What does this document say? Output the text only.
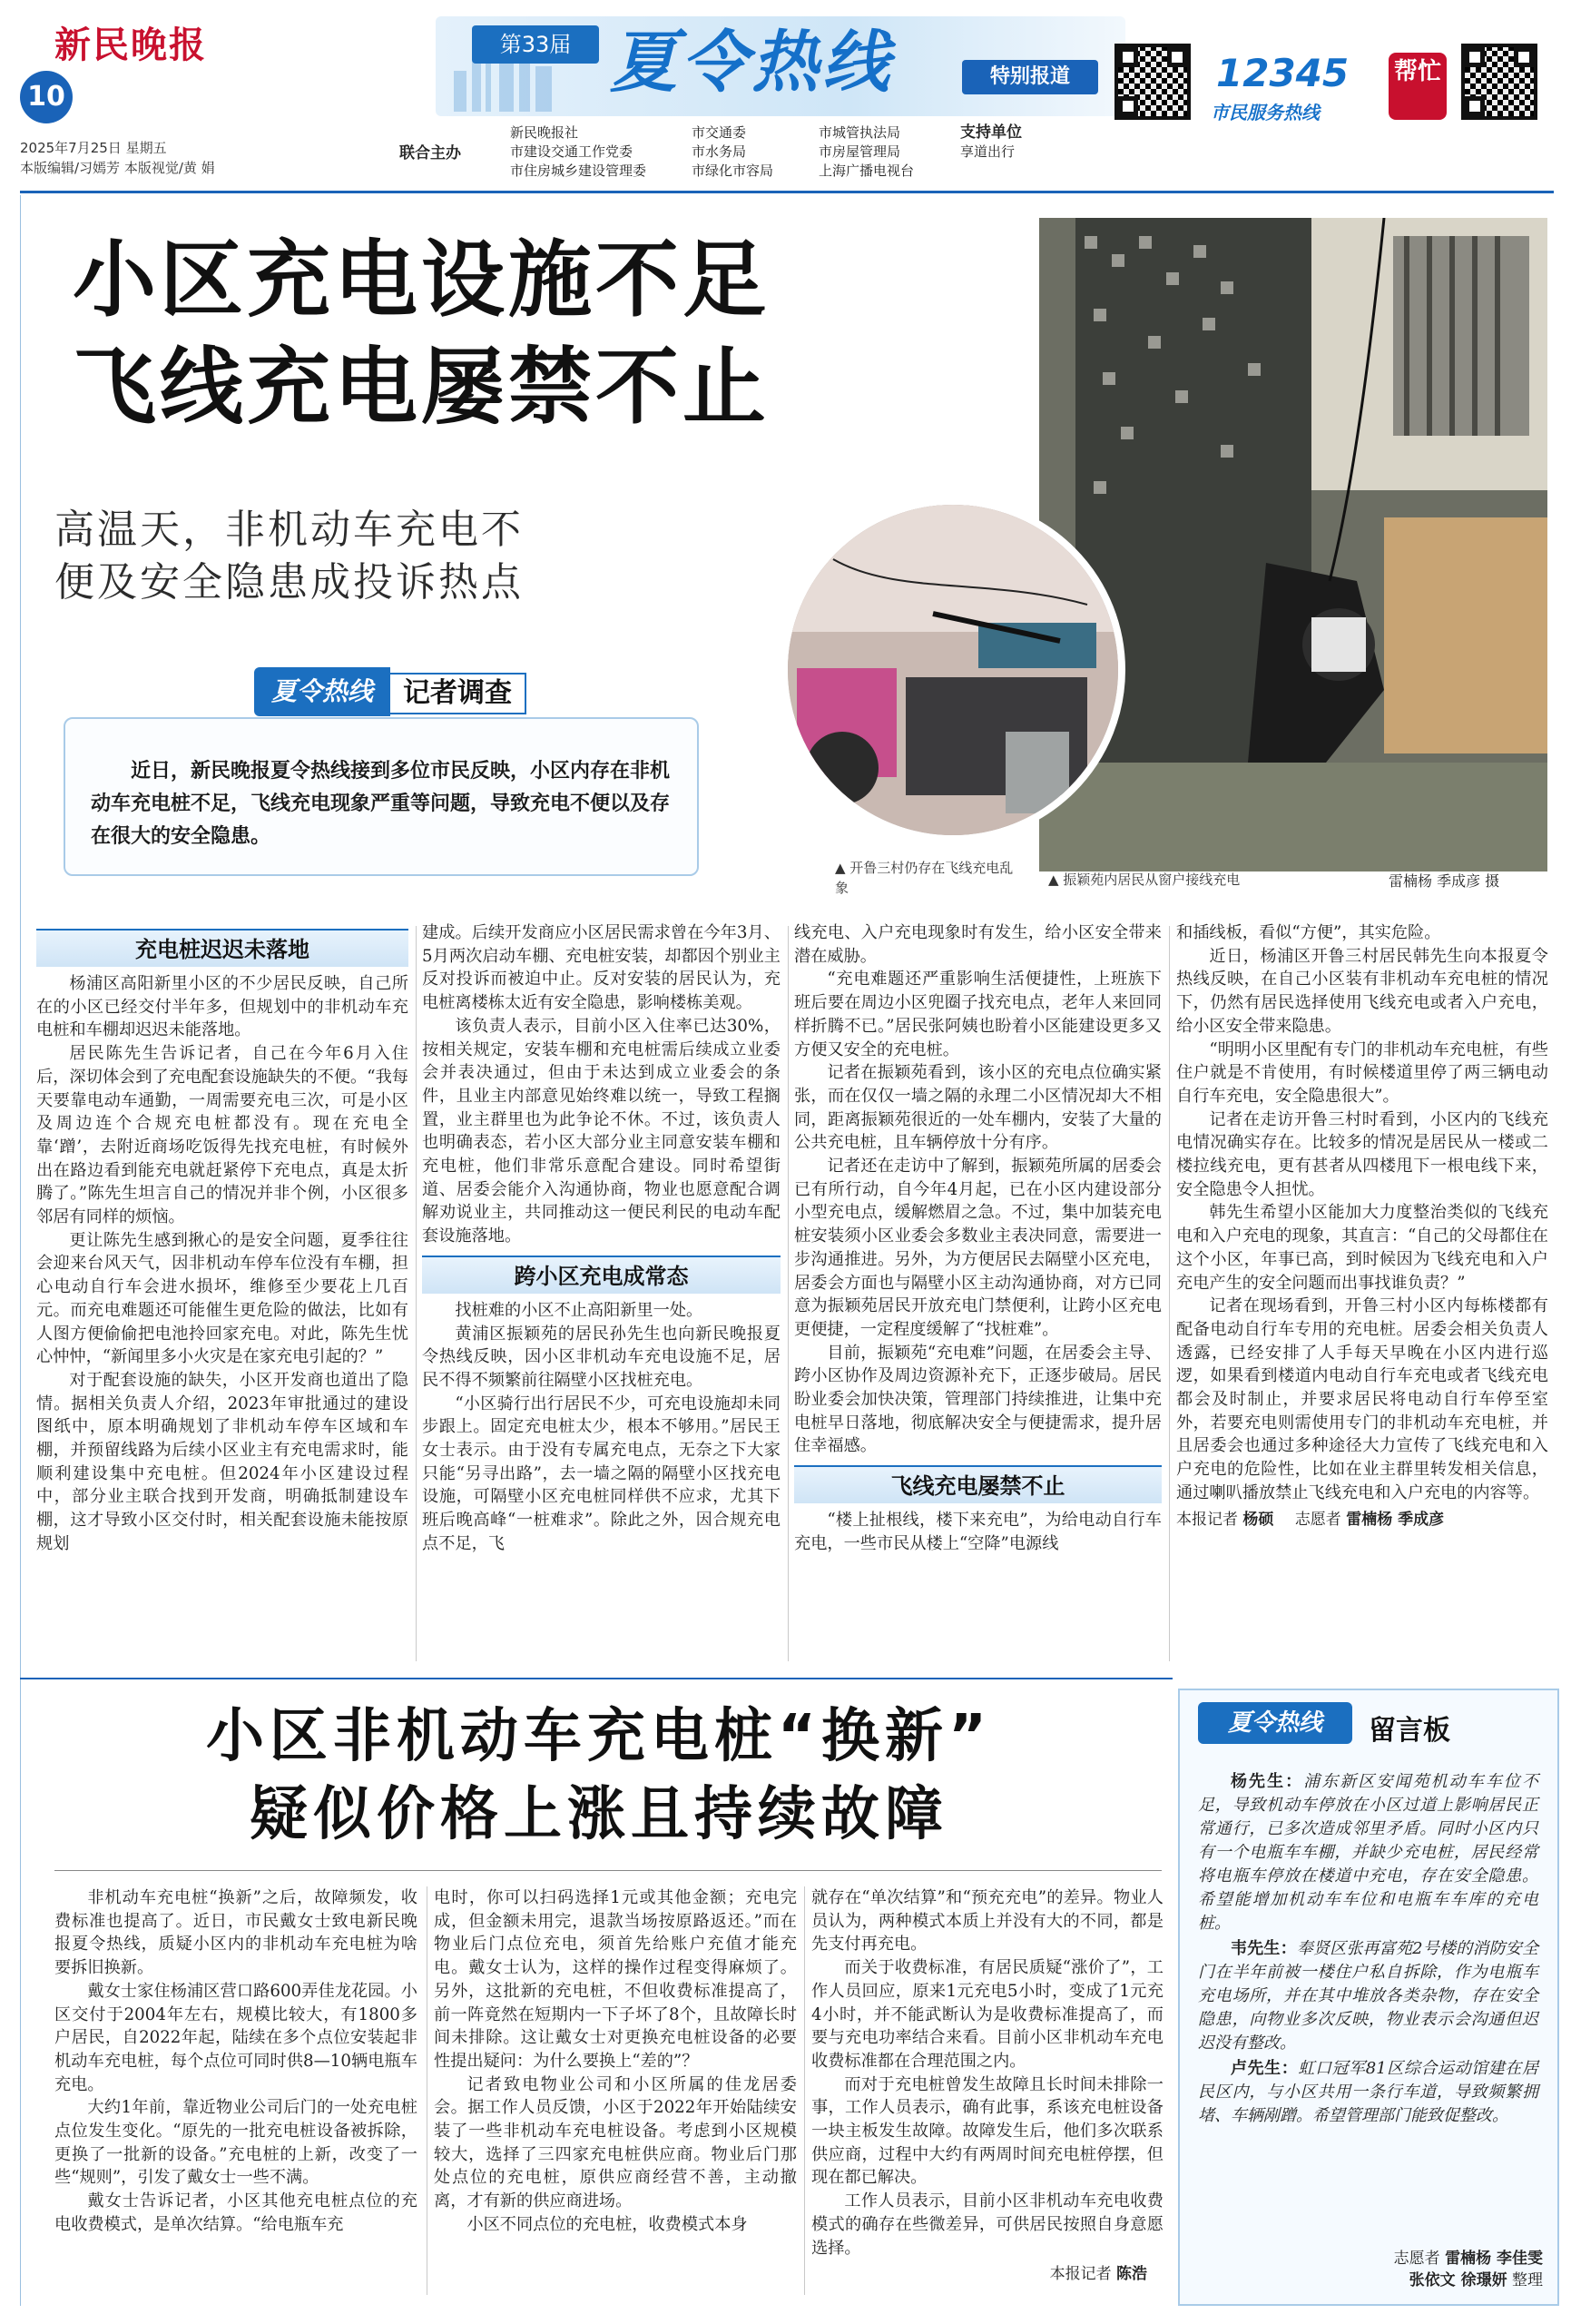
新民晚报
10
2025年7月25日 星期五
本版编辑/习嫣芳 本版视觉/黄 娟
第33届 夏令热线	特别报道	12345
市民服务热线
帮忙
联合主办
新民晚报社
市建设交通工作党委
市住房城乡建设管理委
市交通委
市水务局
市绿化市容局
市城管执法局
市房屋管理局
上海广播电视台
支持单位
享道出行
小区充电设施不足
飞线充电屡禁不止
高温天，非机动车充电不
便及安全隐患成投诉热点
▲ 开鲁三村仍存在飞线充电乱象	▲ 振颖苑内居民从窗户接线充电	雷楠杨 季成彦 摄
夏令热线	记者调查
近日，新民晚报夏令热线接到多位市民反映，小区内存在非机动车充电桩不足，飞线充电现象严重等问题，导致充电不便以及存在很大的安全隐患。
充电桩迟迟未落地

杨浦区高阳新里小区的不少居民反映，自己所在的小区已经交付半年多，但规划中的非机动车充电桩和车棚却迟迟未能落地。

居民陈先生告诉记者，自己在今年6月入住后，深切体会到了充电配套设施缺失的不便。“我每天要靠电动车通勤，一周需要充电三次，可是小区及周边连个合规充电桩都没有。现在充电全靠‘蹭’，去附近商场吃饭得先找充电桩，有时候外出在路边看到能充电就赶紧停下充电点，真是太折腾了。”陈先生坦言自己的情况并非个例，小区很多邻居有同样的烦恼。

更让陈先生感到揪心的是安全问题，夏季往往会迎来台风天气，因非机动车停车位没有车棚，担心电动自行车会进水损坏，维修至少要花上几百元。而充电难题还可能催生更危险的做法，比如有人图方便偷偷把电池拎回家充电。对此，陈先生忧心忡忡，“新闻里多小火灾是在家充电引起的？”

对于配套设施的缺失，小区开发商也道出了隐情。据相关负责人介绍，2023年审批通过的建设图纸中，原本明确规划了非机动车停车区域和车棚，并预留线路为后续小区业主有充电需求时，能顺利建设集中充电桩。但2024年小区建设过程中，部分业主联合找到开发商，明确抵制建设车棚，这才导致小区交付时，相关配套设施未能按原规划

建成。后续开发商应小区居民需求曾在今年3月、5月两次启动车棚、充电桩安装，却都因个别业主反对投诉而被迫中止。反对安装的居民认为，充电桩离楼栋太近有安全隐患，影响楼栋美观。

该负责人表示，目前小区入住率已达30%，按相关规定，安装车棚和充电桩需后续成立业委会并表决通过，但由于未达到成立业委会的条件，且业主内部意见始终难以统一，导致工程搁置，业主群里也为此争论不休。不过，该负责人也明确表态，若小区大部分业主同意安装车棚和充电桩，他们非常乐意配合建设。同时希望街道、居委会能介入沟通协商，物业也愿意配合调解劝说业主，共同推动这一便民利民的电动车配套设施落地。

跨小区充电成常态

找桩难的小区不止高阳新里一处。

黄浦区振颖苑的居民孙先生也向新民晚报夏令热线反映，因小区非机动车充电设施不足，居民不得不频繁前往隔壁小区找桩充电。

“小区骑行出行居民不少，可充电设施却未同步跟上。固定充电桩太少，根本不够用。”居民王女士表示。由于没有专属充电点，无奈之下大家只能“另寻出路”，去一墙之隔的隔壁小区找充电设施，可隔壁小区充电桩同样供不应求，尤其下班后晚高峰“一桩难求”。除此之外，因合规充电点不足，飞

线充电、入户充电现象时有发生，给小区安全带来潜在威胁。

“充电难题还严重影响生活便捷性，上班族下班后要在周边小区兜圈子找充电点，老年人来回同样折腾不已。”居民张阿姨也盼着小区能建设更多又方便又安全的充电桩。

记者在振颖苑看到，该小区的充电点位确实紧张，而在仅仅一墙之隔的永理二小区情况却大不相同，距离振颖苑很近的一处车棚内，安装了大量的公共充电桩，且车辆停放十分有序。

记者还在走访中了解到，振颖苑所属的居委会已有所行动，自今年4月起，已在小区内建设部分小型充电点，缓解燃眉之急。不过，集中加装充电桩安装须小区业委会多数业主表决同意，需要进一步沟通推进。另外，为方便居民去隔壁小区充电，居委会方面也与隔壁小区主动沟通协商，对方已同意为振颖苑居民开放充电门禁便利，让跨小区充电更便捷，一定程度缓解了“找桩难”。

目前，振颖苑“充电难”问题，在居委会主导、跨小区协作及周边资源补充下，正逐步破局。居民盼业委会加快决策，管理部门持续推进，让集中充电桩早日落地，彻底解决安全与便捷需求，提升居住幸福感。

飞线充电屡禁不止

“楼上扯根线，楼下来充电”，为给电动自行车充电，一些市民从楼上“空降”电源线

和插线板，看似“方便”，其实危险。

近日，杨浦区开鲁三村居民韩先生向本报夏令热线反映，在自己小区装有非机动车充电桩的情况下，仍然有居民选择使用飞线充电或者入户充电，给小区安全带来隐患。

“明明小区里配有专门的非机动车充电桩，有些住户就是不肯使用，有时候楼道里停了两三辆电动自行车充电，安全隐患很大”。

记者在走访开鲁三村时看到，小区内的飞线充电情况确实存在。比较多的情况是居民从一楼或二楼拉线充电，更有甚者从四楼甩下一根电线下来，安全隐患令人担忧。

韩先生希望小区能加大力度整治类似的飞线充电和入户充电的现象，其直言：“自己的父母都住在这个小区，年事已高，到时候因为飞线充电和入户充电产生的安全问题而出事找谁负责？”

记者在现场看到，开鲁三村小区内每栋楼都有配备电动自行车专用的充电桩。居委会相关负责人透露，已经安排了人手每天早晚在小区内进行巡逻，如果看到楼道内电动自行车充电或者飞线充电都会及时制止，并要求居民将电动自行车停至室外，若要充电则需使用专门的非机动车充电桩，并且居委会也通过多种途径大力宣传了飞线充电和入户充电的危险性，比如在业主群里转发相关信息，通过喇叭播放禁止飞线充电和入户充电的内容等。

本报记者 杨硕 志愿者 雷楠杨 季成彦

小区非机动车充电桩“换新”
疑似价格上涨且持续故障

非机动车充电桩“换新”之后，故障频发，收费标准也提高了。近日，市民戴女士致电新民晚报夏令热线，质疑小区内的非机动车充电桩为啥要拆旧换新。

戴女士家住杨浦区营口路600弄佳龙花园。小区交付于2004年左右，规模比较大，有1800多户居民，自2022年起，陆续在多个点位安装起非机动车充电桩，每个点位可同时供8—10辆电瓶车充电。

大约1年前，靠近物业公司后门的一处充电桩点位发生变化。“原先的一批充电桩设备被拆除，更换了一批新的设备。”充电桩的上新，改变了一些“规则”，引发了戴女士一些不满。

戴女士告诉记者，小区其他充电桩点位的充电收费模式，是单次结算。“给电瓶车充

电时，你可以扫码选择1元或其他金额；充电完成，但金额未用完，退款当场按原路返还。”而在物业后门点位充电，须首先给账户充值才能充电。戴女士认为，这样的操作过程变得麻烦了。另外，这批新的充电桩，不但收费标准提高了，前一阵竟然在短期内一下子坏了8个，且故障长时间未排除。这让戴女士对更换充电桩设备的必要性提出疑问：为什么要换上“差的”？

记者致电物业公司和小区所属的佳龙居委会。据工作人员反馈，小区于2022年开始陆续安装了一些非机动车充电桩设备。考虑到小区规模较大，选择了三四家充电桩供应商。物业后门那处点位的充电桩，原供应商经营不善，主动撤离，才有新的供应商进场。

小区不同点位的充电桩，收费模式本身

就存在“单次结算”和“预充充电”的差异。物业人员认为，两种模式本质上并没有大的不同，都是先支付再充电。

而关于收费标准，有居民质疑“涨价了”，工作人员回应，原来1元充电5小时，变成了1元充4小时，并不能武断认为是收费标准提高了，而要与充电功率结合来看。目前小区非机动车充电收费标准都在合理范围之内。

而对于充电桩曾发生故障且长时间未排除一事，工作人员表示，确有此事，系该充电桩设备一块主板发生故障。故障发生后，他们多次联系供应商，过程中大约有两周时间充电桩停摆，但现在都已解决。

工作人员表示，目前小区非机动车充电收费模式的确存在些微差异，可供居民按照自身意愿选择。

本报记者 陈浩

夏令热线	留言板

杨先生：浦东新区安闻苑机动车车位不足，导致机动车停放在小区过道上影响居民正常通行，已多次造成邻里矛盾。同时小区内只有一个电瓶车车棚，并缺少充电桩，居民经常将电瓶车停放在楼道中充电，存在安全隐患。希望能增加机动车车位和电瓶车车库的充电桩。

韦先生：奉贤区张再富苑2号楼的消防安全门在半年前被一楼住户私自拆除，作为电瓶车充电场所，并在其中堆放各类杂物，存在安全隐患，向物业多次反映，物业表示会沟通但迟迟没有整改。

卢先生：虹口冠军81区综合运动馆建在居民区内，与小区共用一条行车道，导致频繁拥堵、车辆剐蹭。希望管理部门能致促整改。

志愿者 雷楠杨 李佳雯
张依文 徐璟妍 整理
